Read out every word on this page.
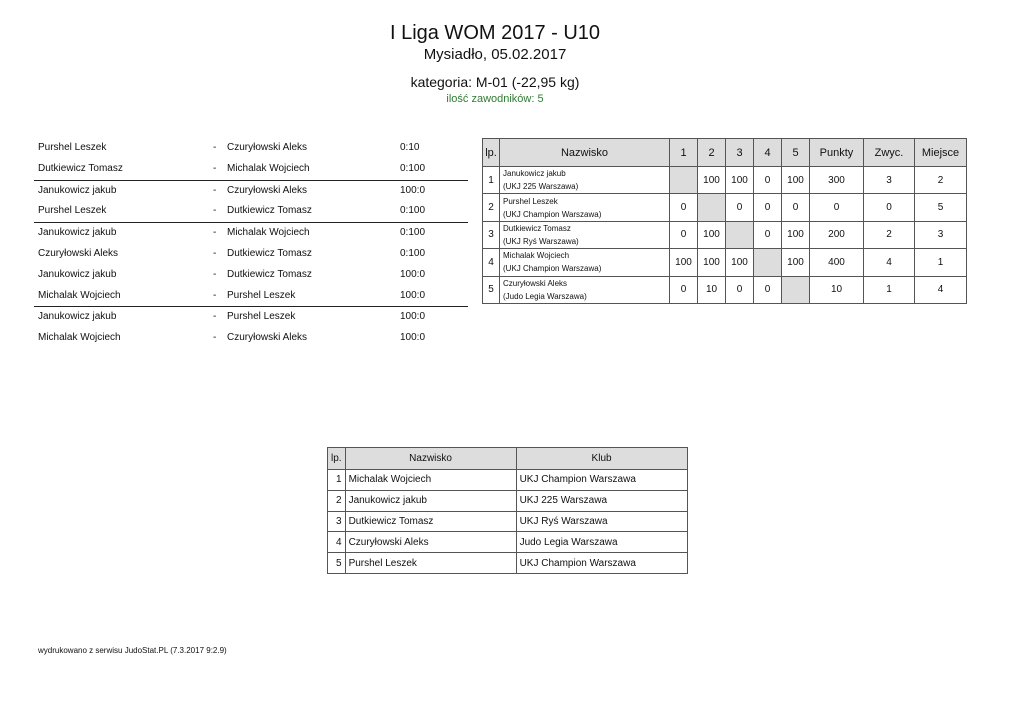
I Liga WOM 2017 - U10
Mysiadło, 05.02.2017
kategoria: M-01 (-22,95 kg)
ilość zawodników: 5
Purshel Leszek	- Czuryłowski Aleks	0:10
Dutkiewicz Tomasz	- Michalak Wojciech	0:100
Janukowicz jakub	- Czuryłowski Aleks	100:0
Purshel Leszek	- Dutkiewicz Tomasz	0:100
Janukowicz jakub	- Michalak Wojciech	0:100
Czuryłowski Aleks	- Dutkiewicz Tomasz	0:100
Janukowicz jakub	- Dutkiewicz Tomasz	100:0
Michalak Wojciech	- Purshel Leszek	100:0
Janukowicz jakub	- Purshel Leszek	100:0
Michalak Wojciech	- Czuryłowski Aleks	100:0
lp.	Nazwisko	1	2	3	4	5	Punkty	Zwyc.	Miejsce
1	Janukowicz jakub
(UKJ 225 Warszawa)		100	100	0	100	300	3	2
2	Purshel Leszek
(UKJ Champion Warszawa)	0		0	0	0	0	0	5
3	Dutkiewicz Tomasz
(UKJ Ryś Warszawa)	0	100		0	100	200	2	3
4	Michalak Wojciech
(UKJ Champion Warszawa)	100	100	100		100	400	4	1
5	Czuryłowski Aleks
(Judo Legia Warszawa)	0	10	0	0		10	1	4
lp.	Nazwisko	Klub
1	Michalak Wojciech	UKJ Champion Warszawa
2	Janukowicz jakub	UKJ 225 Warszawa
3	Dutkiewicz Tomasz	UKJ Ryś Warszawa
4	Czuryłowski Aleks	Judo Legia Warszawa
5	Purshel Leszek	UKJ Champion Warszawa
wydrukowano z serwisu JudoStat.PL (7.3.2017 9:2.9)
